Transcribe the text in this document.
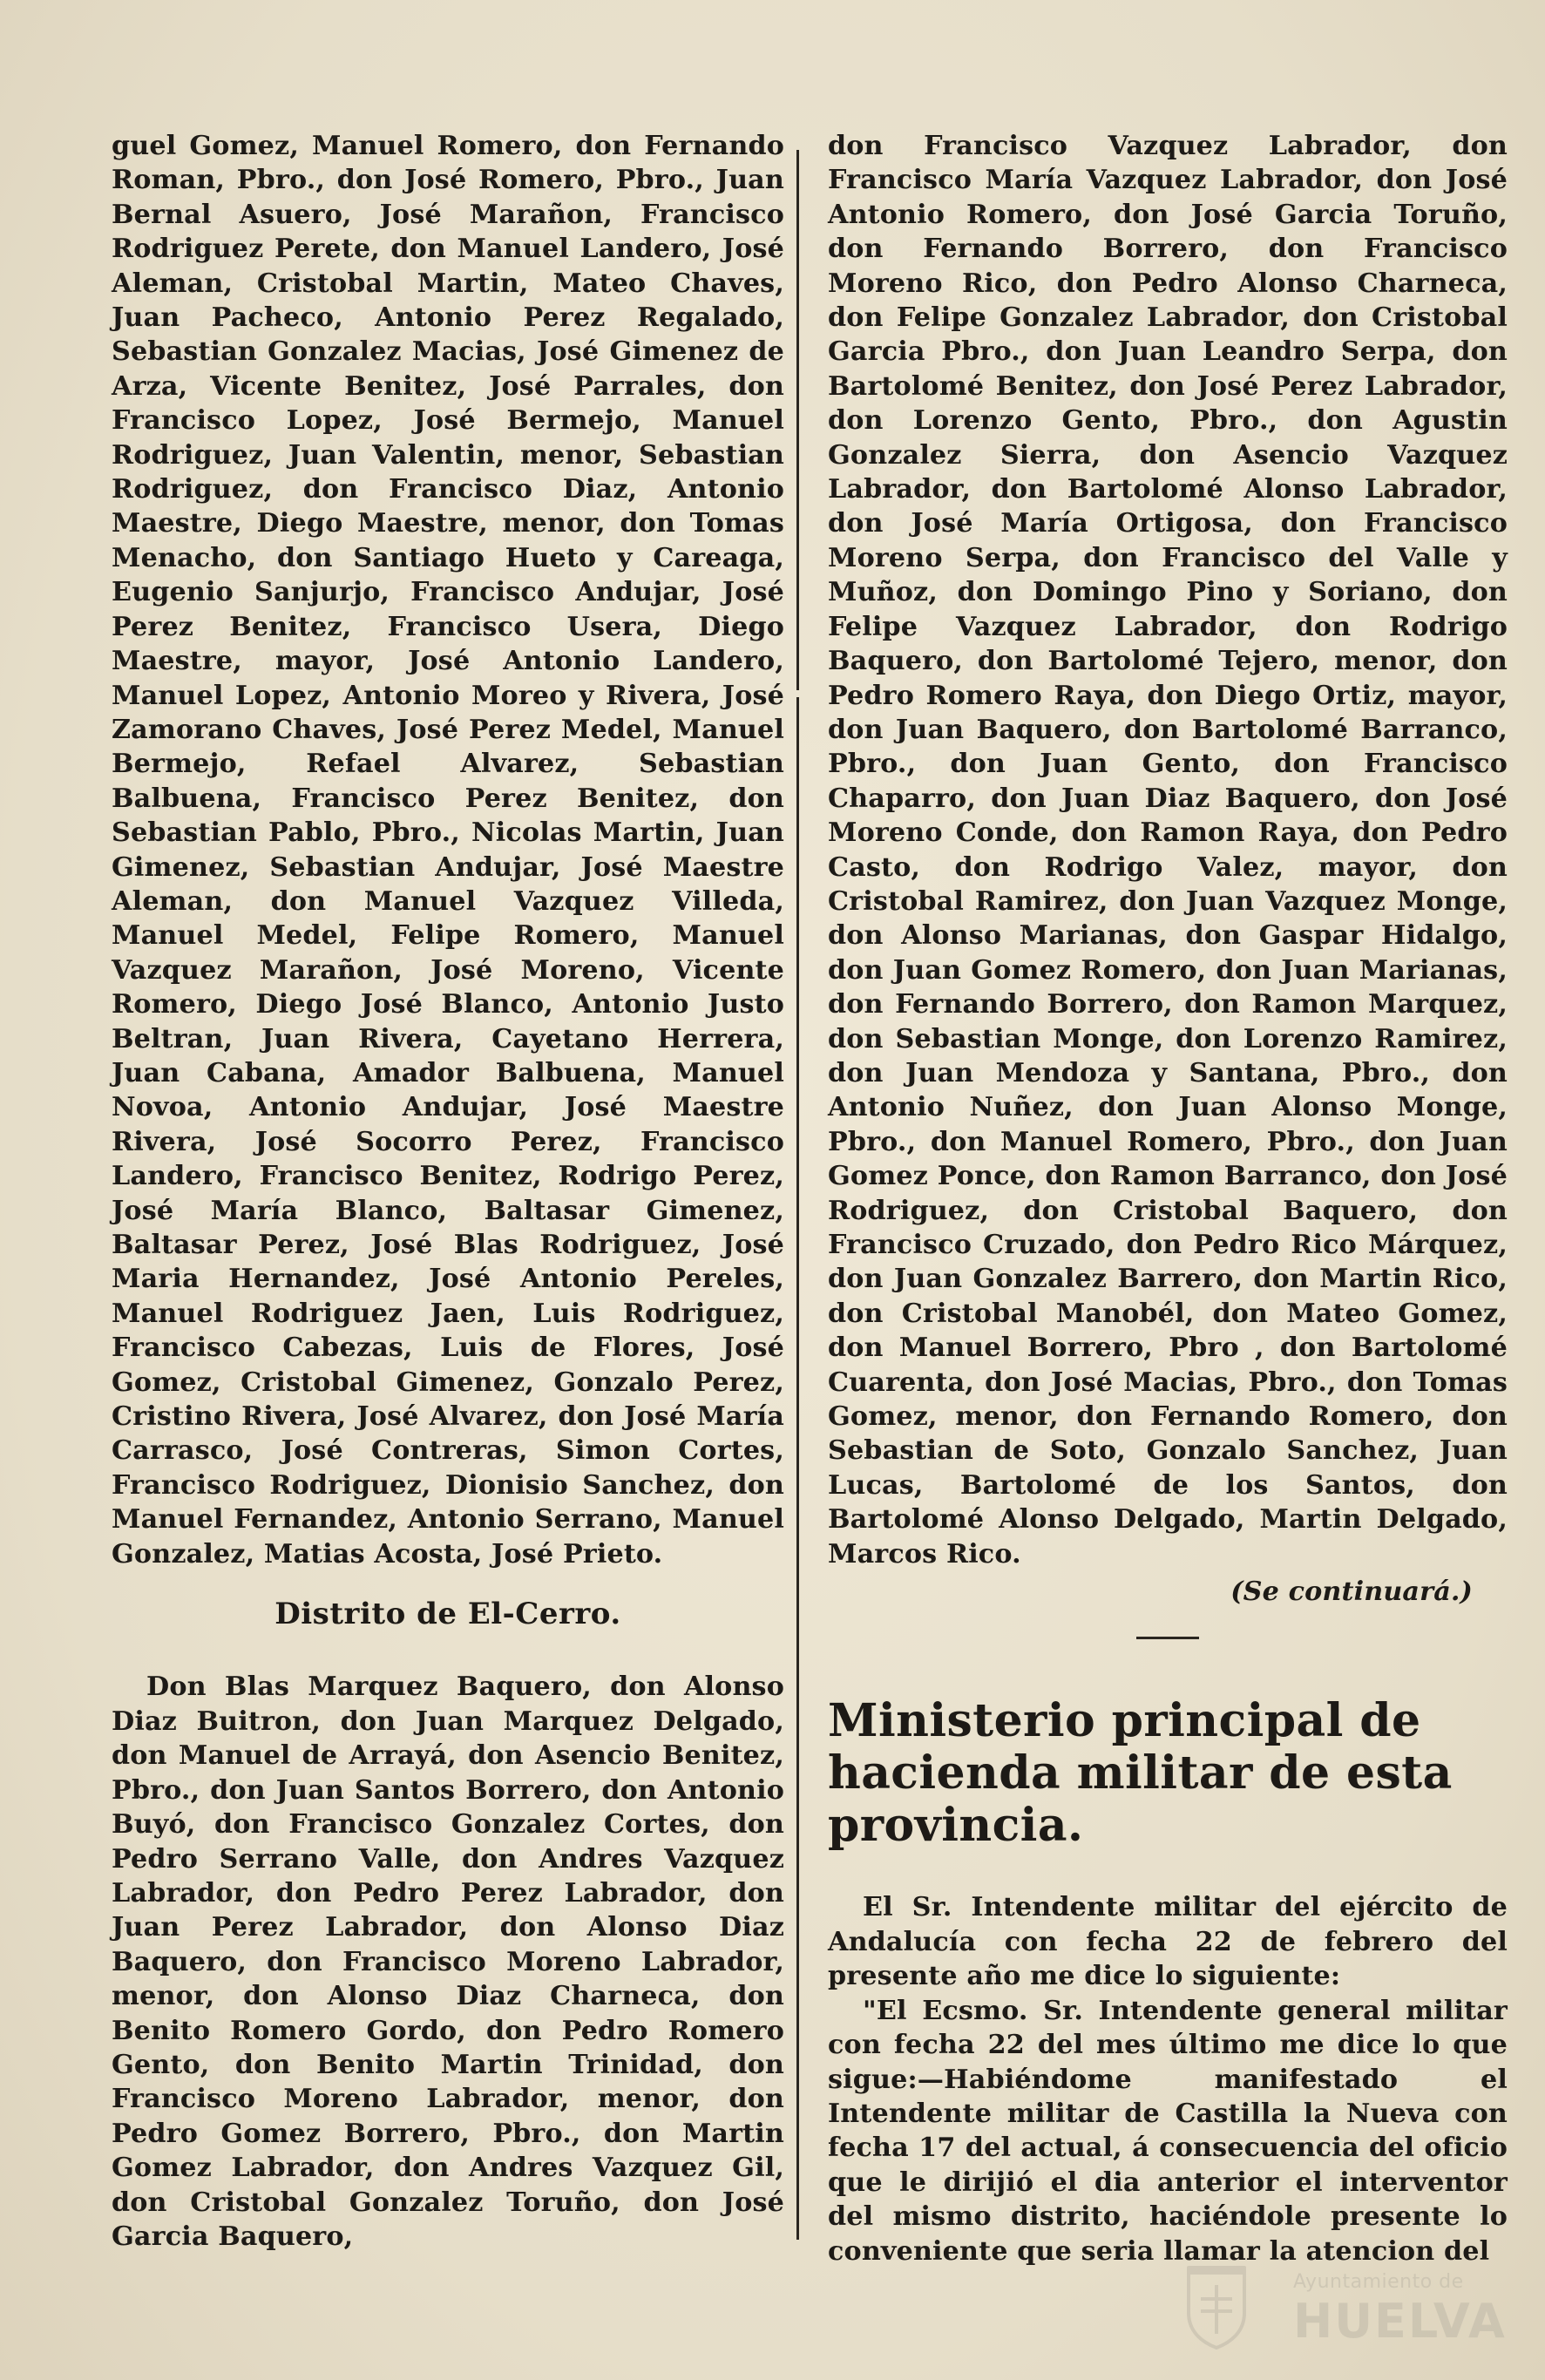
guel Gomez, Manuel Romero, don Fernando Roman, Pbro., don José Romero, Pbro., Juan Bernal Asuero, José Marañon, Francisco Rodriguez Perete, don Manuel Landero, José Aleman, Cristobal Martin, Mateo Chaves, Juan Pacheco, Antonio Perez Regalado, Sebastian Gonzalez Macias, José Gimenez de Arza, Vicente Benitez, José Parrales, don Francisco Lopez, José Bermejo, Manuel Rodriguez, Juan Valentin, menor, Sebastian Rodriguez, don Francisco Diaz, Antonio Maestre, Diego Maestre, menor, don Tomas Menacho, don Santiago Hueto y Careaga, Eugenio Sanjurjo, Francisco Andujar, José Perez Benitez, Francisco Usera, Diego Maestre, mayor, José Antonio Landero, Manuel Lopez, Antonio Moreo y Rivera, José Zamorano Chaves, José Perez Medel, Manuel Bermejo, Refael Alvarez, Sebastian Balbuena, Francisco Perez Benitez, don Sebastian Pablo, Pbro., Nicolas Martin, Juan Gimenez, Sebastian Andujar, José Maestre Aleman, don Manuel Vazquez Villeda, Manuel Medel, Felipe Romero, Manuel Vazquez Marañon, José Moreno, Vicente Romero, Diego José Blanco, Antonio Justo Beltran, Juan Rivera, Cayetano Herrera, Juan Cabana, Amador Balbuena, Manuel Novoa, Antonio Andujar, José Maestre Rivera, José Socorro Perez, Francisco Landero, Francisco Benitez, Rodrigo Perez, José María Blanco, Baltasar Gimenez, Baltasar Perez, José Blas Rodriguez, José Maria Hernandez, José Antonio Pereles, Manuel Rodriguez Jaen, Luis Rodriguez, Francisco Cabezas, Luis de Flores, José Gomez, Cristobal Gimenez, Gonzalo Perez, Cristino Rivera, José Alvarez, don José María Carrasco, José Contreras, Simon Cortes, Francisco Rodriguez, Dionisio Sanchez, don Manuel Fernandez, Antonio Serrano, Manuel Gonzalez, Matias Acosta, José Prieto.

Distrito de El-Cerro.

Don Blas Marquez Baquero, don Alonso Diaz Buitron, don Juan Marquez Delgado, don Manuel de Arrayá, don Asencio Benitez, Pbro., don Juan Santos Borrero, don Antonio Buyó, don Francisco Gonzalez Cortes, don Pedro Serrano Valle, don Andres Vazquez Labrador, don Pedro Perez Labrador, don Juan Perez Labrador, don Alonso Diaz Baquero, don Francisco Moreno Labrador, menor, don Alonso Diaz Charneca, don Benito Romero Gordo, don Pedro Romero Gento, don Benito Martin Trinidad, don Francisco Moreno Labrador, menor, don Pedro Gomez Borrero, Pbro., don Martin Gomez Labrador, don Andres Vazquez Gil, don Cristobal Gonzalez Toruño, don José Garcia Baquero,

don Francisco Vazquez Labrador, don Francisco María Vazquez Labrador, don José Antonio Romero, don José Garcia Toruño, don Fernando Borrero, don Francisco Moreno Rico, don Pedro Alonso Charneca, don Felipe Gonzalez Labrador, don Cristobal Garcia Pbro., don Juan Leandro Serpa, don Bartolomé Benitez, don José Perez Labrador, don Lorenzo Gento, Pbro., don Agustin Gonzalez Sierra, don Asencio Vazquez Labrador, don Bartolomé Alonso Labrador, don José María Ortigosa, don Francisco Moreno Serpa, don Francisco del Valle y Muñoz, don Domingo Pino y Soriano, don Felipe Vazquez Labrador, don Rodrigo Baquero, don Bartolomé Tejero, menor, don Pedro Romero Raya, don Diego Ortiz, mayor, don Juan Baquero, don Bartolomé Barranco, Pbro., don Juan Gento, don Francisco Chaparro, don Juan Diaz Baquero, don José Moreno Conde, don Ramon Raya, don Pedro Casto, don Rodrigo Valez, mayor, don Cristobal Ramirez, don Juan Vazquez Monge, don Alonso Marianas, don Gaspar Hidalgo, don Juan Gomez Romero, don Juan Marianas, don Fernando Borrero, don Ramon Marquez, don Sebastian Monge, don Lorenzo Ramirez, don Juan Mendoza y Santana, Pbro., don Antonio Nuñez, don Juan Alonso Monge, Pbro., don Manuel Romero, Pbro., don Juan Gomez Ponce, don Ramon Barranco, don José Rodriguez, don Cristobal Baquero, don Francisco Cruzado, don Pedro Rico Márquez, don Juan Gonzalez Barrero, don Martin Rico, don Cristobal Manobél, don Mateo Gomez, don Manuel Borrero, Pbro , don Bartolomé Cuarenta, don José Macias, Pbro., don Tomas Gomez, menor, don Fernando Romero, don Sebastian de Soto, Gonzalo Sanchez, Juan Lucas, Bartolomé de los Santos, don Bartolomé Alonso Delgado, Martin Delgado, Marcos Rico.

(Se continuará.)

Ministerio principal de hacienda militar de esta provincia.

El Sr. Intendente militar del ejército de Andalucía con fecha 22 de febrero del presente año me dice lo siguiente:

"El Ecsmo. Sr. Intendente general militar con fecha 22 del mes último me dice lo que sigue:—Habiéndome manifestado el Intendente militar de Castilla la Nueva con fecha 17 del actual, á consecuencia del oficio que le dirijió el dia anterior el interventor del mismo distrito, haciéndole presente lo conveniente que seria llamar la atencion del

Ayuntamiento de
HUELVA
